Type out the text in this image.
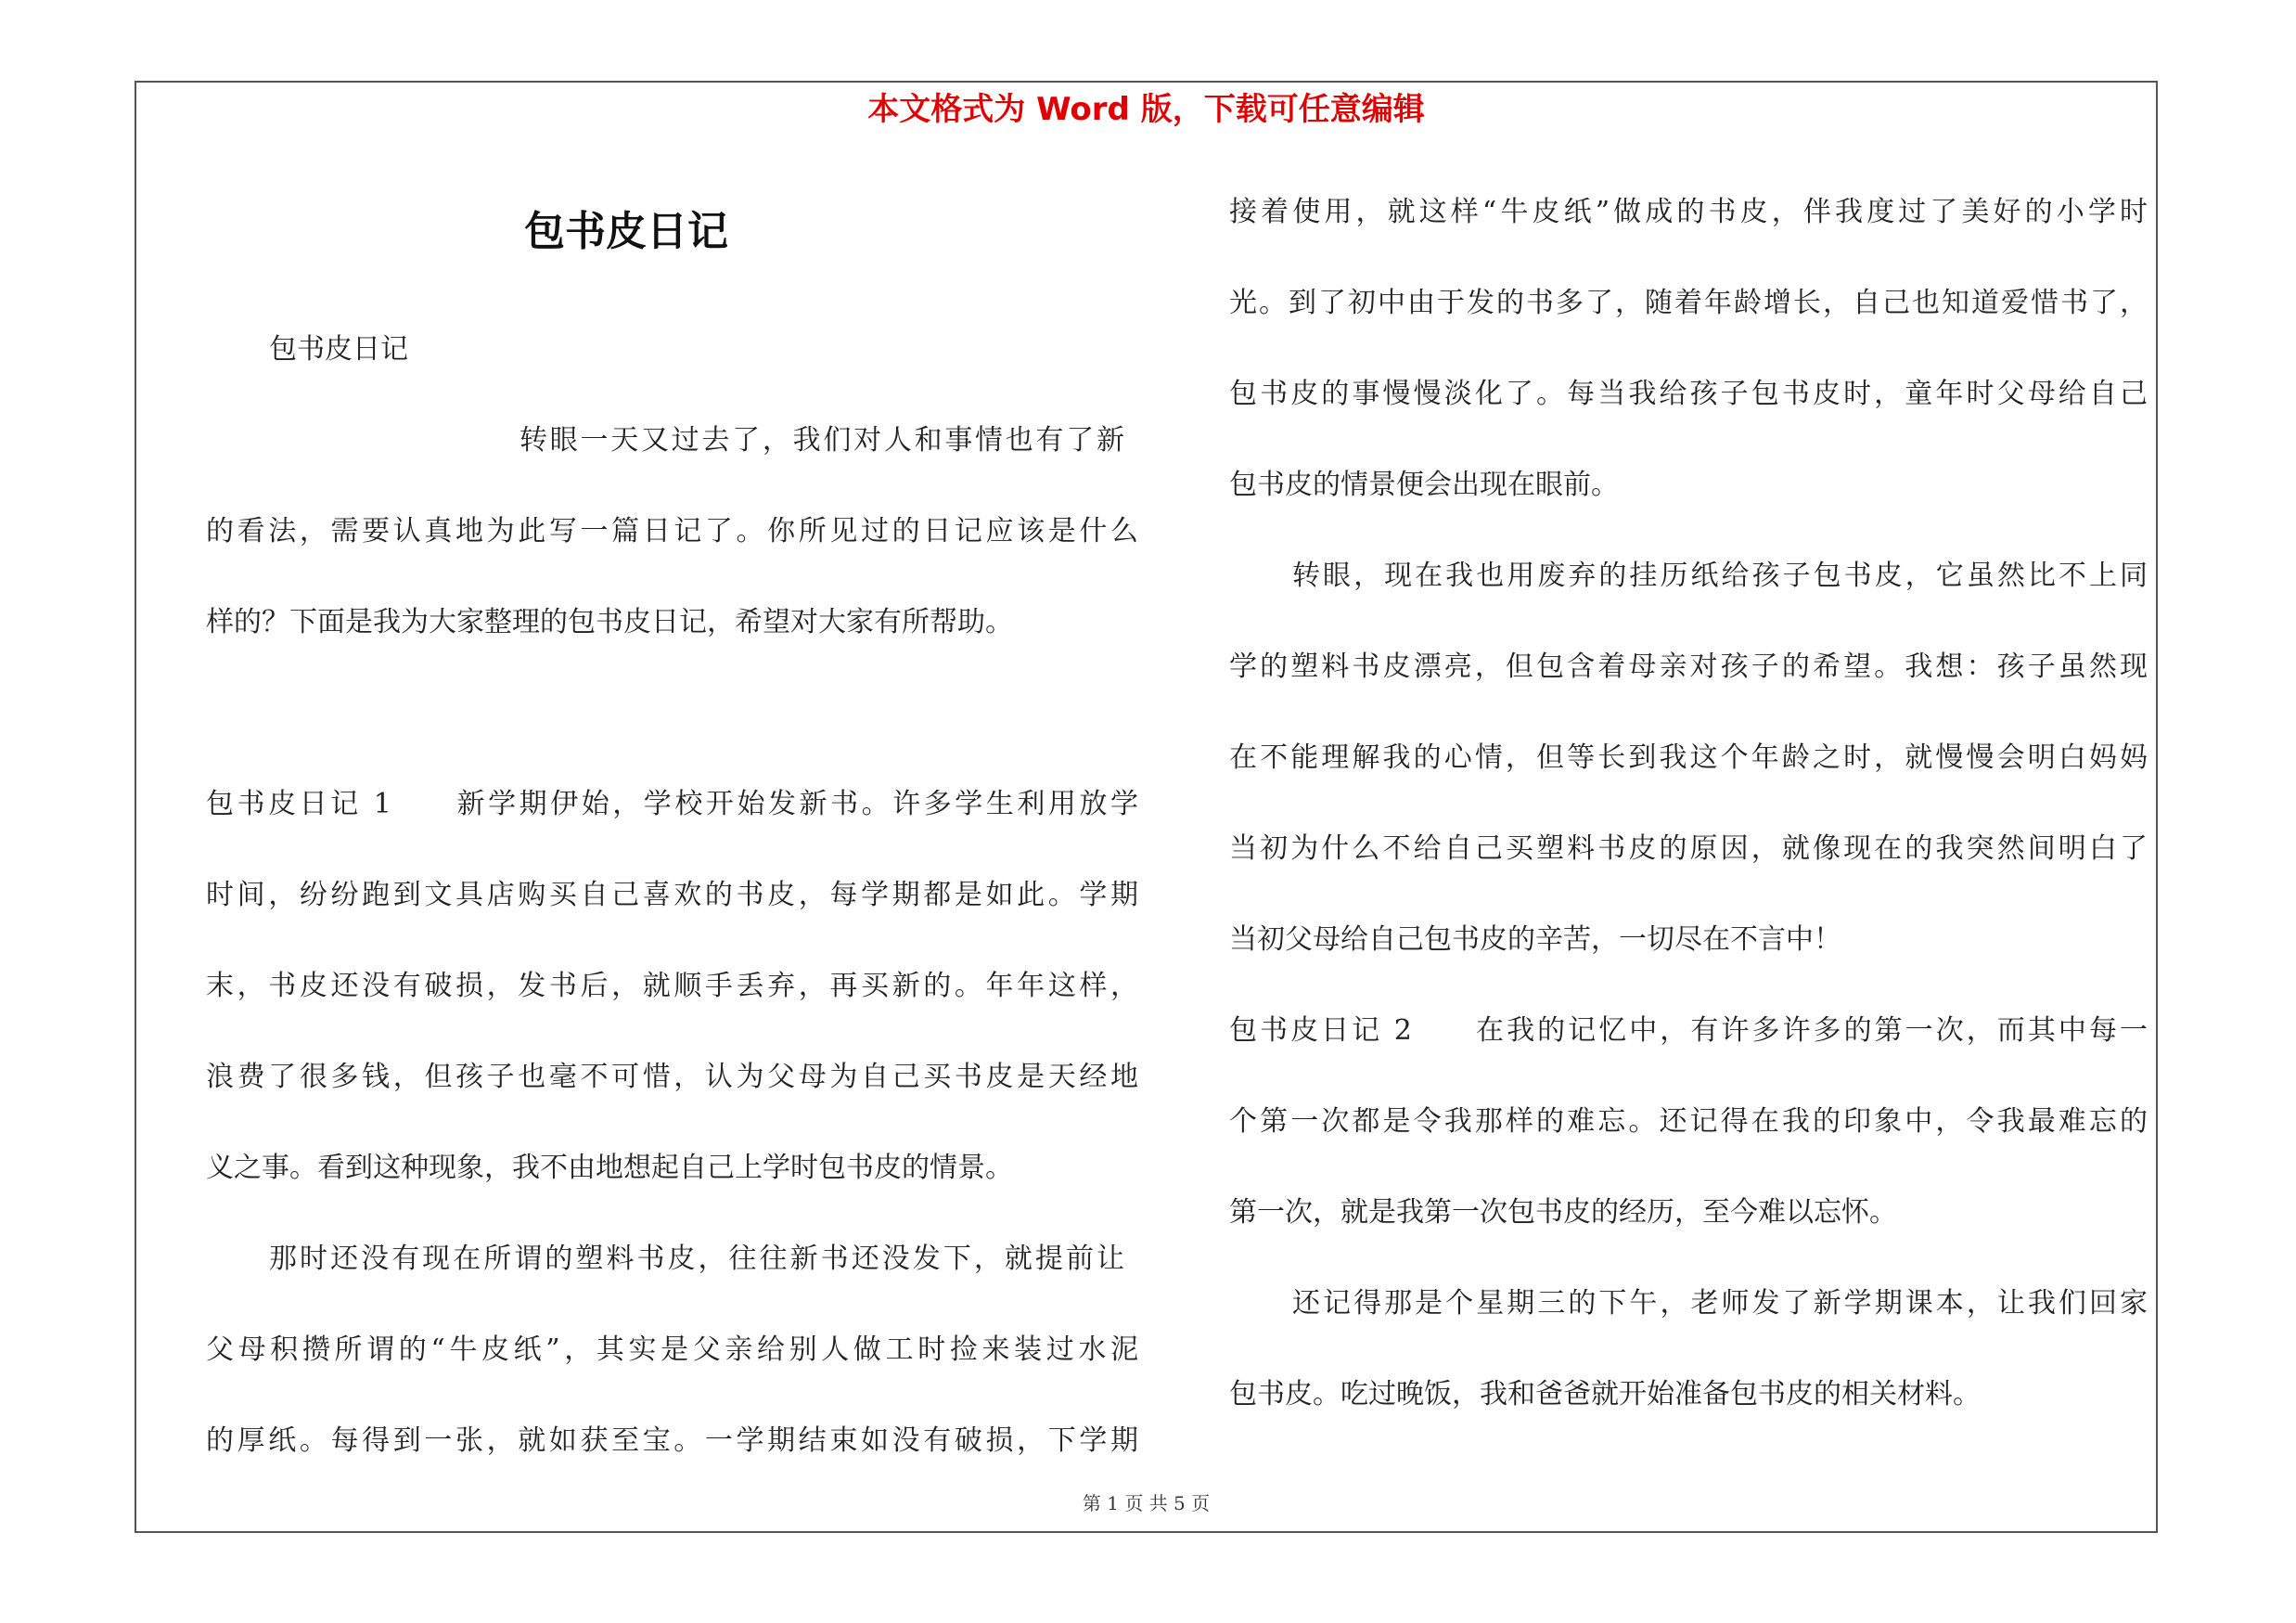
本文格式为 Word 版，下载可任意编辑
包书皮日记
包书皮日记
转眼一天又过去了，我们对人和事情也有了新
的看法，需要认真地为此写一篇日记了。你所见过的日记应该是什么
样的？下面是我为大家整理的包书皮日记，希望对大家有所帮助。
包书皮日记 1　　新学期伊始，学校开始发新书。许多学生利用放学
时间，纷纷跑到文具店购买自己喜欢的书皮，每学期都是如此。学期
末，书皮还没有破损，发书后，就顺手丢弃，再买新的。年年这样，
浪费了很多钱，但孩子也毫不可惜，认为父母为自己买书皮是天经地
义之事。看到这种现象，我不由地想起自己上学时包书皮的情景。
那时还没有现在所谓的塑料书皮，往往新书还没发下，就提前让
父母积攒所谓的“牛皮纸”，其实是父亲给别人做工时捡来装过水泥
的厚纸。每得到一张，就如获至宝。一学期结束如没有破损，下学期
接着使用，就这样“牛皮纸”做成的书皮，伴我度过了美好的小学时
光。到了初中由于发的书多了，随着年龄增长，自己也知道爱惜书了，
包书皮的事慢慢淡化了。每当我给孩子包书皮时，童年时父母给自己
包书皮的情景便会出现在眼前。
转眼，现在我也用废弃的挂历纸给孩子包书皮，它虽然比不上同
学的塑料书皮漂亮，但包含着母亲对孩子的希望。我想：孩子虽然现
在不能理解我的心情，但等长到我这个年龄之时，就慢慢会明白妈妈
当初为什么不给自己买塑料书皮的原因，就像现在的我突然间明白了
当初父母给自己包书皮的辛苦，一切尽在不言中！
包书皮日记 2　　在我的记忆中，有许多许多的第一次，而其中每一
个第一次都是令我那样的难忘。还记得在我的印象中，令我最难忘的
第一次，就是我第一次包书皮的经历，至今难以忘怀。
还记得那是个星期三的下午，老师发了新学期课本，让我们回家
包书皮。吃过晚饭，我和爸爸就开始准备包书皮的相关材料。
第 1 页 共 5 页
